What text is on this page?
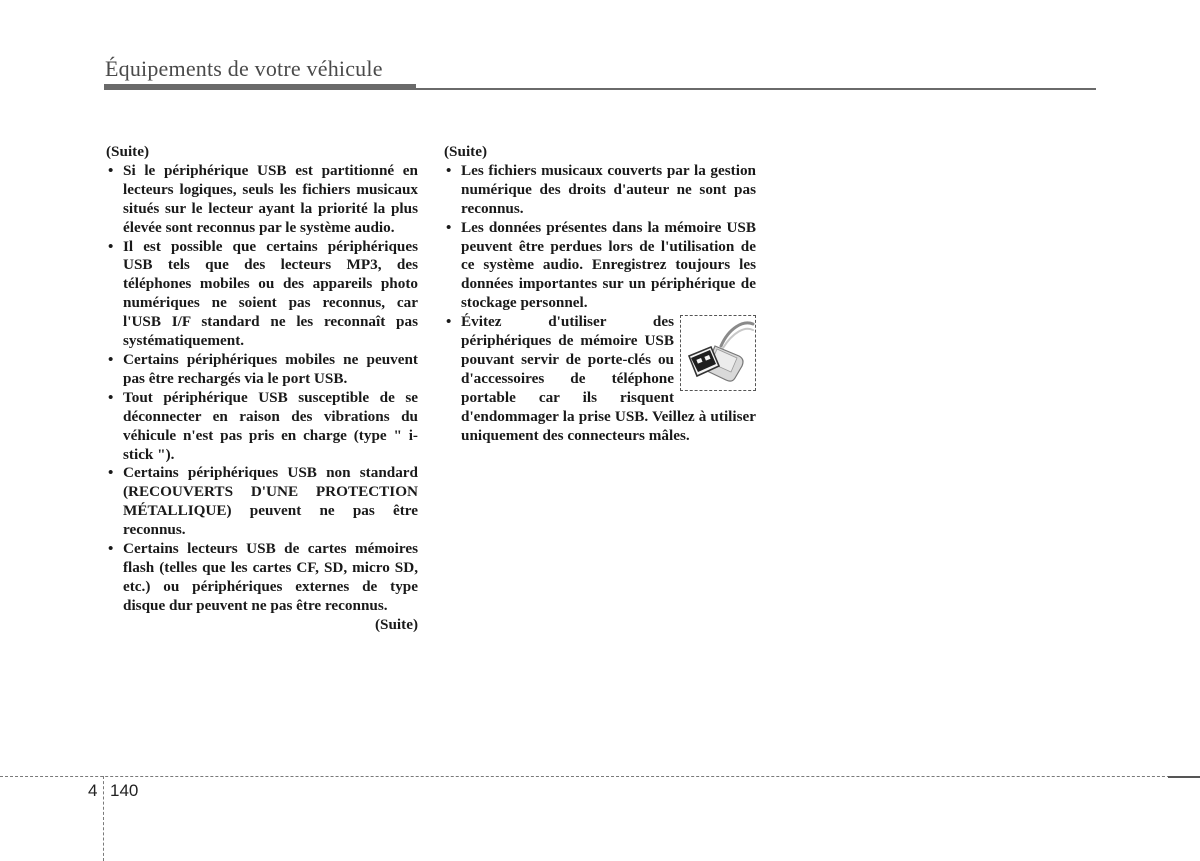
Équipements de votre véhicule

(Suite)

• Si le périphérique USB est partitionné en lecteurs logiques, seuls les fichiers musicaux situés sur le lecteur ayant la priorité la plus élevée sont reconnus par le système audio.

• Il est possible que certains périphériques USB tels que des lecteurs MP3, des téléphones mobiles ou des appareils photo numériques ne soient pas reconnus, car l'USB I/F standard ne les reconnaît pas systématiquement.

• Certains périphériques mobiles ne peuvent pas être rechargés via le port USB.

• Tout périphérique USB susceptible de se déconnecter en raison des vibrations du véhicule n'est pas pris en charge (type " i-stick ").

• Certains périphériques USB non standard (RECOUVERTS D'UNE PROTECTION MÉTALLIQUE) peuvent ne pas être reconnus.

• Certains lecteurs USB de cartes mémoires flash (telles que les cartes CF, SD, micro SD, etc.) ou périphériques externes de type disque dur peuvent ne pas être reconnus.

(Suite)

(Suite)

• Les fichiers musicaux couverts par la gestion numérique des droits d'auteur ne sont pas reconnus.

• Les données présentes dans la mémoire USB peuvent être perdues lors de l'utilisation de ce système audio. Enregistrez toujours les données importantes sur un périphérique de stockage personnel.

• Évitez d'utiliser des périphériques de mémoire USB pouvant servir de porte-clés ou d'accessoires de téléphone portable car ils risquent d'endommager la prise USB. Veillez à utiliser uniquement des connecteurs mâles.
4 140
